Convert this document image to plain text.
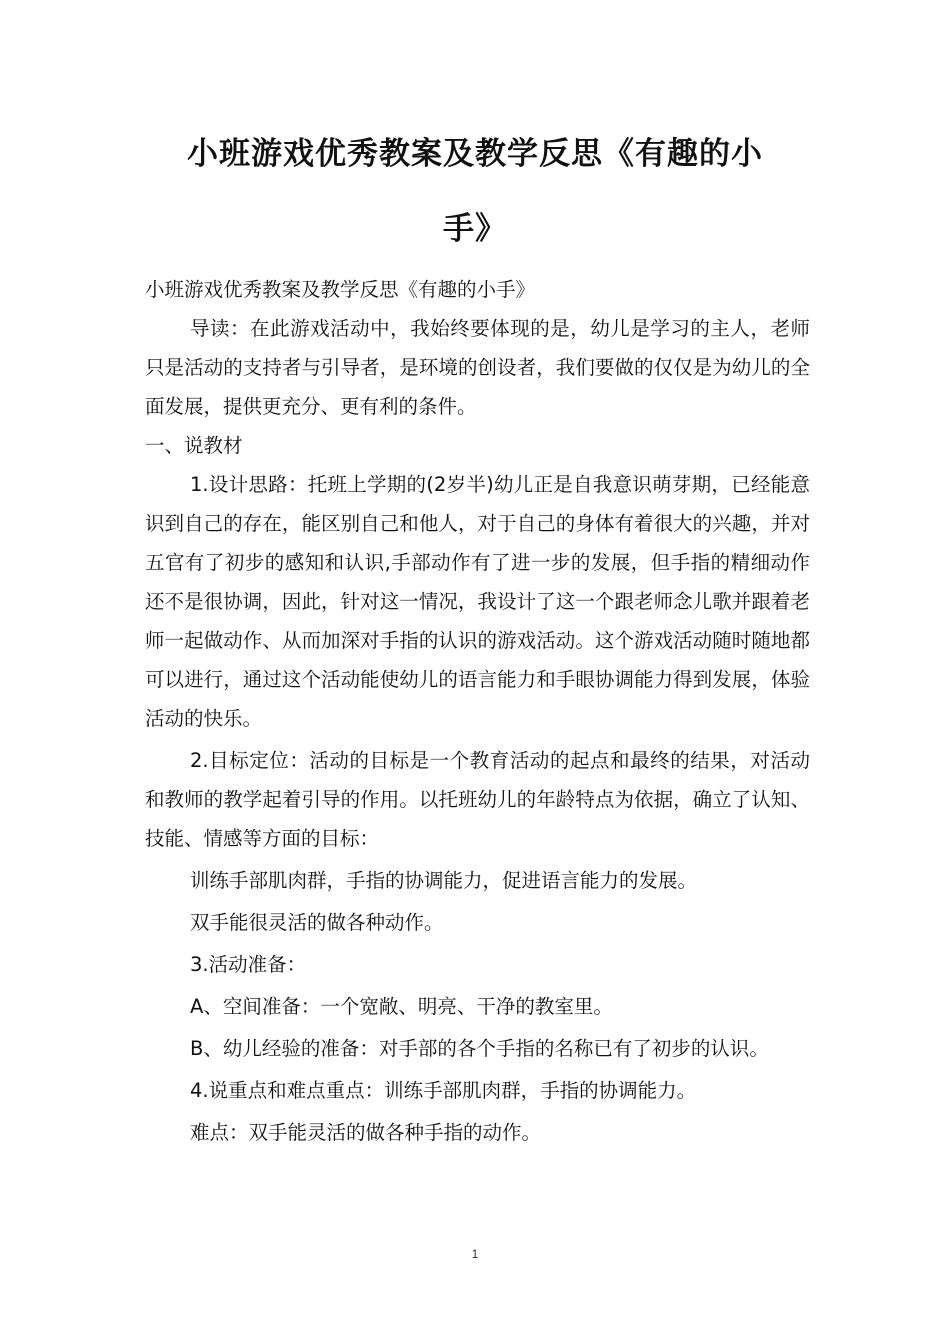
小班游戏优秀教案及教学反思《有趣的小
手》

小班游戏优秀教案及教学反思《有趣的小手》

导读：在此游戏活动中，我始终要体现的是，幼儿是学习的主人，老师只是活动的支持者与引导者，是环境的创设者，我们要做的仅仅是为幼儿的全面发展，提供更充分、更有利的条件。

一、说教材

1.设计思路：托班上学期的(2岁半)幼儿正是自我意识萌芽期，已经能意识到自己的存在，能区别自己和他人，对于自己的身体有着很大的兴趣，并对五官有了初步的感知和认识,手部动作有了进一步的发展，但手指的精细动作还不是很协调，因此，针对这一情况，我设计了这一个跟老师念儿歌并跟着老师一起做动作、从而加深对手指的认识的游戏活动。这个游戏活动随时随地都可以进行，通过这个活动能使幼儿的语言能力和手眼协调能力得到发展，体验活动的快乐。

2.目标定位：活动的目标是一个教育活动的起点和最终的结果，对活动和教师的教学起着引导的作用。以托班幼儿的年龄特点为依据，确立了认知、技能、情感等方面的目标：

训练手部肌肉群，手指的协调能力，促进语言能力的发展。

双手能很灵活的做各种动作。

3.活动准备：

A、空间准备：一个宽敞、明亮、干净的教室里。

B、幼儿经验的准备：对手部的各个手指的名称已有了初步的认识。

4.说重点和难点重点：训练手部肌肉群，手指的协调能力。

难点：双手能灵活的做各种手指的动作。

1
